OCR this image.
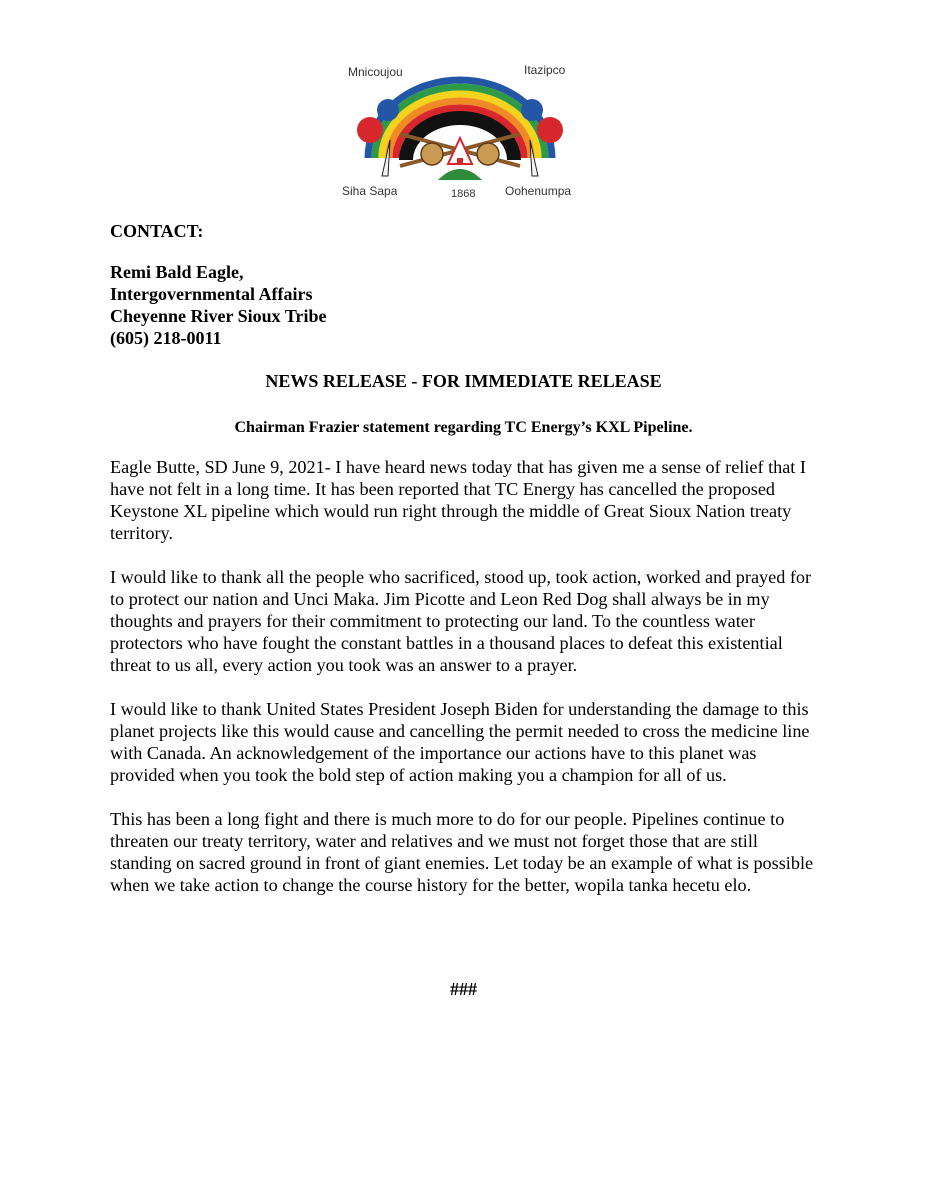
Mnicoujou	Itazipco
Siha Sapa	Oohenumpa
1868
CONTACT:
Remi Bald Eagle,
Intergovernmental Affairs
Cheyenne River Sioux Tribe
(605) 218-0011
NEWS RELEASE - FOR IMMEDIATE RELEASE
Chairman Frazier statement regarding TC Energy’s KXL Pipeline.

Eagle Butte, SD June 9, 2021- I have heard news today that has given me a sense of relief that I have not felt in a long time. It has been reported that TC Energy has cancelled the proposed Keystone XL pipeline which would run right through the middle of Great Sioux Nation treaty territory.

I would like to thank all the people who sacrificed, stood up, took action, worked and prayed for to protect our nation and Unci Maka. Jim Picotte and Leon Red Dog shall always be in my thoughts and prayers for their commitment to protecting our land. To the countless water protectors who have fought the constant battles in a thousand places to defeat this existential threat to us all, every action you took was an answer to a prayer.

I would like to thank United States President Joseph Biden for understanding the damage to this planet projects like this would cause and cancelling the permit needed to cross the medicine line with Canada. An acknowledgement of the importance our actions have to this planet was provided when you took the bold step of action making you a champion for all of us.

This has been a long fight and there is much more to do for our people. Pipelines continue to threaten our treaty territory, water and relatives and we must not forget those that are still standing on sacred ground in front of giant enemies. Let today be an example of what is possible when we take action to change the course history for the better, wopila tanka hecetu elo.

###
